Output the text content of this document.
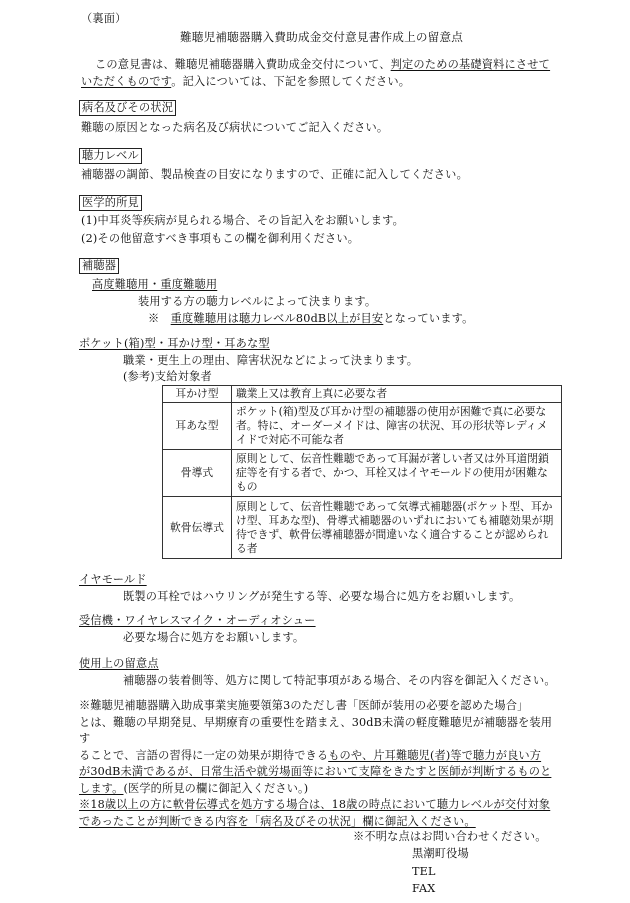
（裏面）
難聴児補聴器購入費助成金交付意見書作成上の留意点
この意見書は、難聴児補聴器購入費助成金交付について、判定のための基礎資料にさせて
いただくものです。記入については、下記を参照してください。
病名及びその状況
難聴の原因となった病名及び病状についてご記入ください。
聴力レベル
補聴器の調節、製品検査の目安になりますので、正確に記入してください。
医学的所見
(1)中耳炎等疾病が見られる場合、その旨記入をお願いします。
(2)その他留意すべき事項もこの欄を御利用ください。
補聴器
高度難聴用・重度難聴用
装用する方の聴力レベルによって決まります。
※ 重度難聴用は聴力レベル80dB以上が目安となっています。
ポケット(箱)型・耳かけ型・耳あな型
職業・更生上の理由、障害状況などによって決まります。
(参考)支給対象者
耳かけ型	職業上又は教育上真に必要な者
耳あな型	ポケット(箱)型及び耳かけ型の補聴器の使用が困難で真に必要な者。特に、オーダーメイドは、障害の状況、耳の形状等レディメイドで対応不可能な者
骨導式	原則として、伝音性難聴であって耳漏が著しい者又は外耳道閉鎖症等を有する者で、かつ、耳栓又はイヤモールドの使用が困難なもの
軟骨伝導式	原則として、伝音性難聴であって気導式補聴器(ポケット型、耳かけ型、耳あな型)、骨導式補聴器のいずれにおいても補聴効果が期待できず、軟骨伝導補聴器が間違いなく適合することが認められる者
イヤモールド
既製の耳栓ではハウリングが発生する等、必要な場合に処方をお願いします。
受信機・ワイヤレスマイク・オーディオシュー
必要な場合に処方をお願いします。
使用上の留意点
補聴器の装着側等、処方に関して特記事項がある場合、その内容を御記入ください。
※難聴児補聴器購入助成事業実施要領第3のただし書「医師が装用の必要を認めた場合」
とは、難聴の早期発見、早期療育の重要性を踏まえ、30dB未満の軽度難聴児が補聴器を装用す
ることで、言語の習得に一定の効果が期待できるものや、片耳難聴児(者)等で聴力が良い方
が30dB未満であるが、日常生活や就労場面等において支障をきたすと医師が判断するものと
します。(医学的所見の欄に御記入ください。)
※18歳以上の方に軟骨伝導式を処方する場合は、18歳の時点において聴力レベルが交付対象
であったことが判断できる内容を「病名及びその状況」欄に御記入ください。
※不明な点はお問い合わせください。
黒潮町役場
TEL
FAX
